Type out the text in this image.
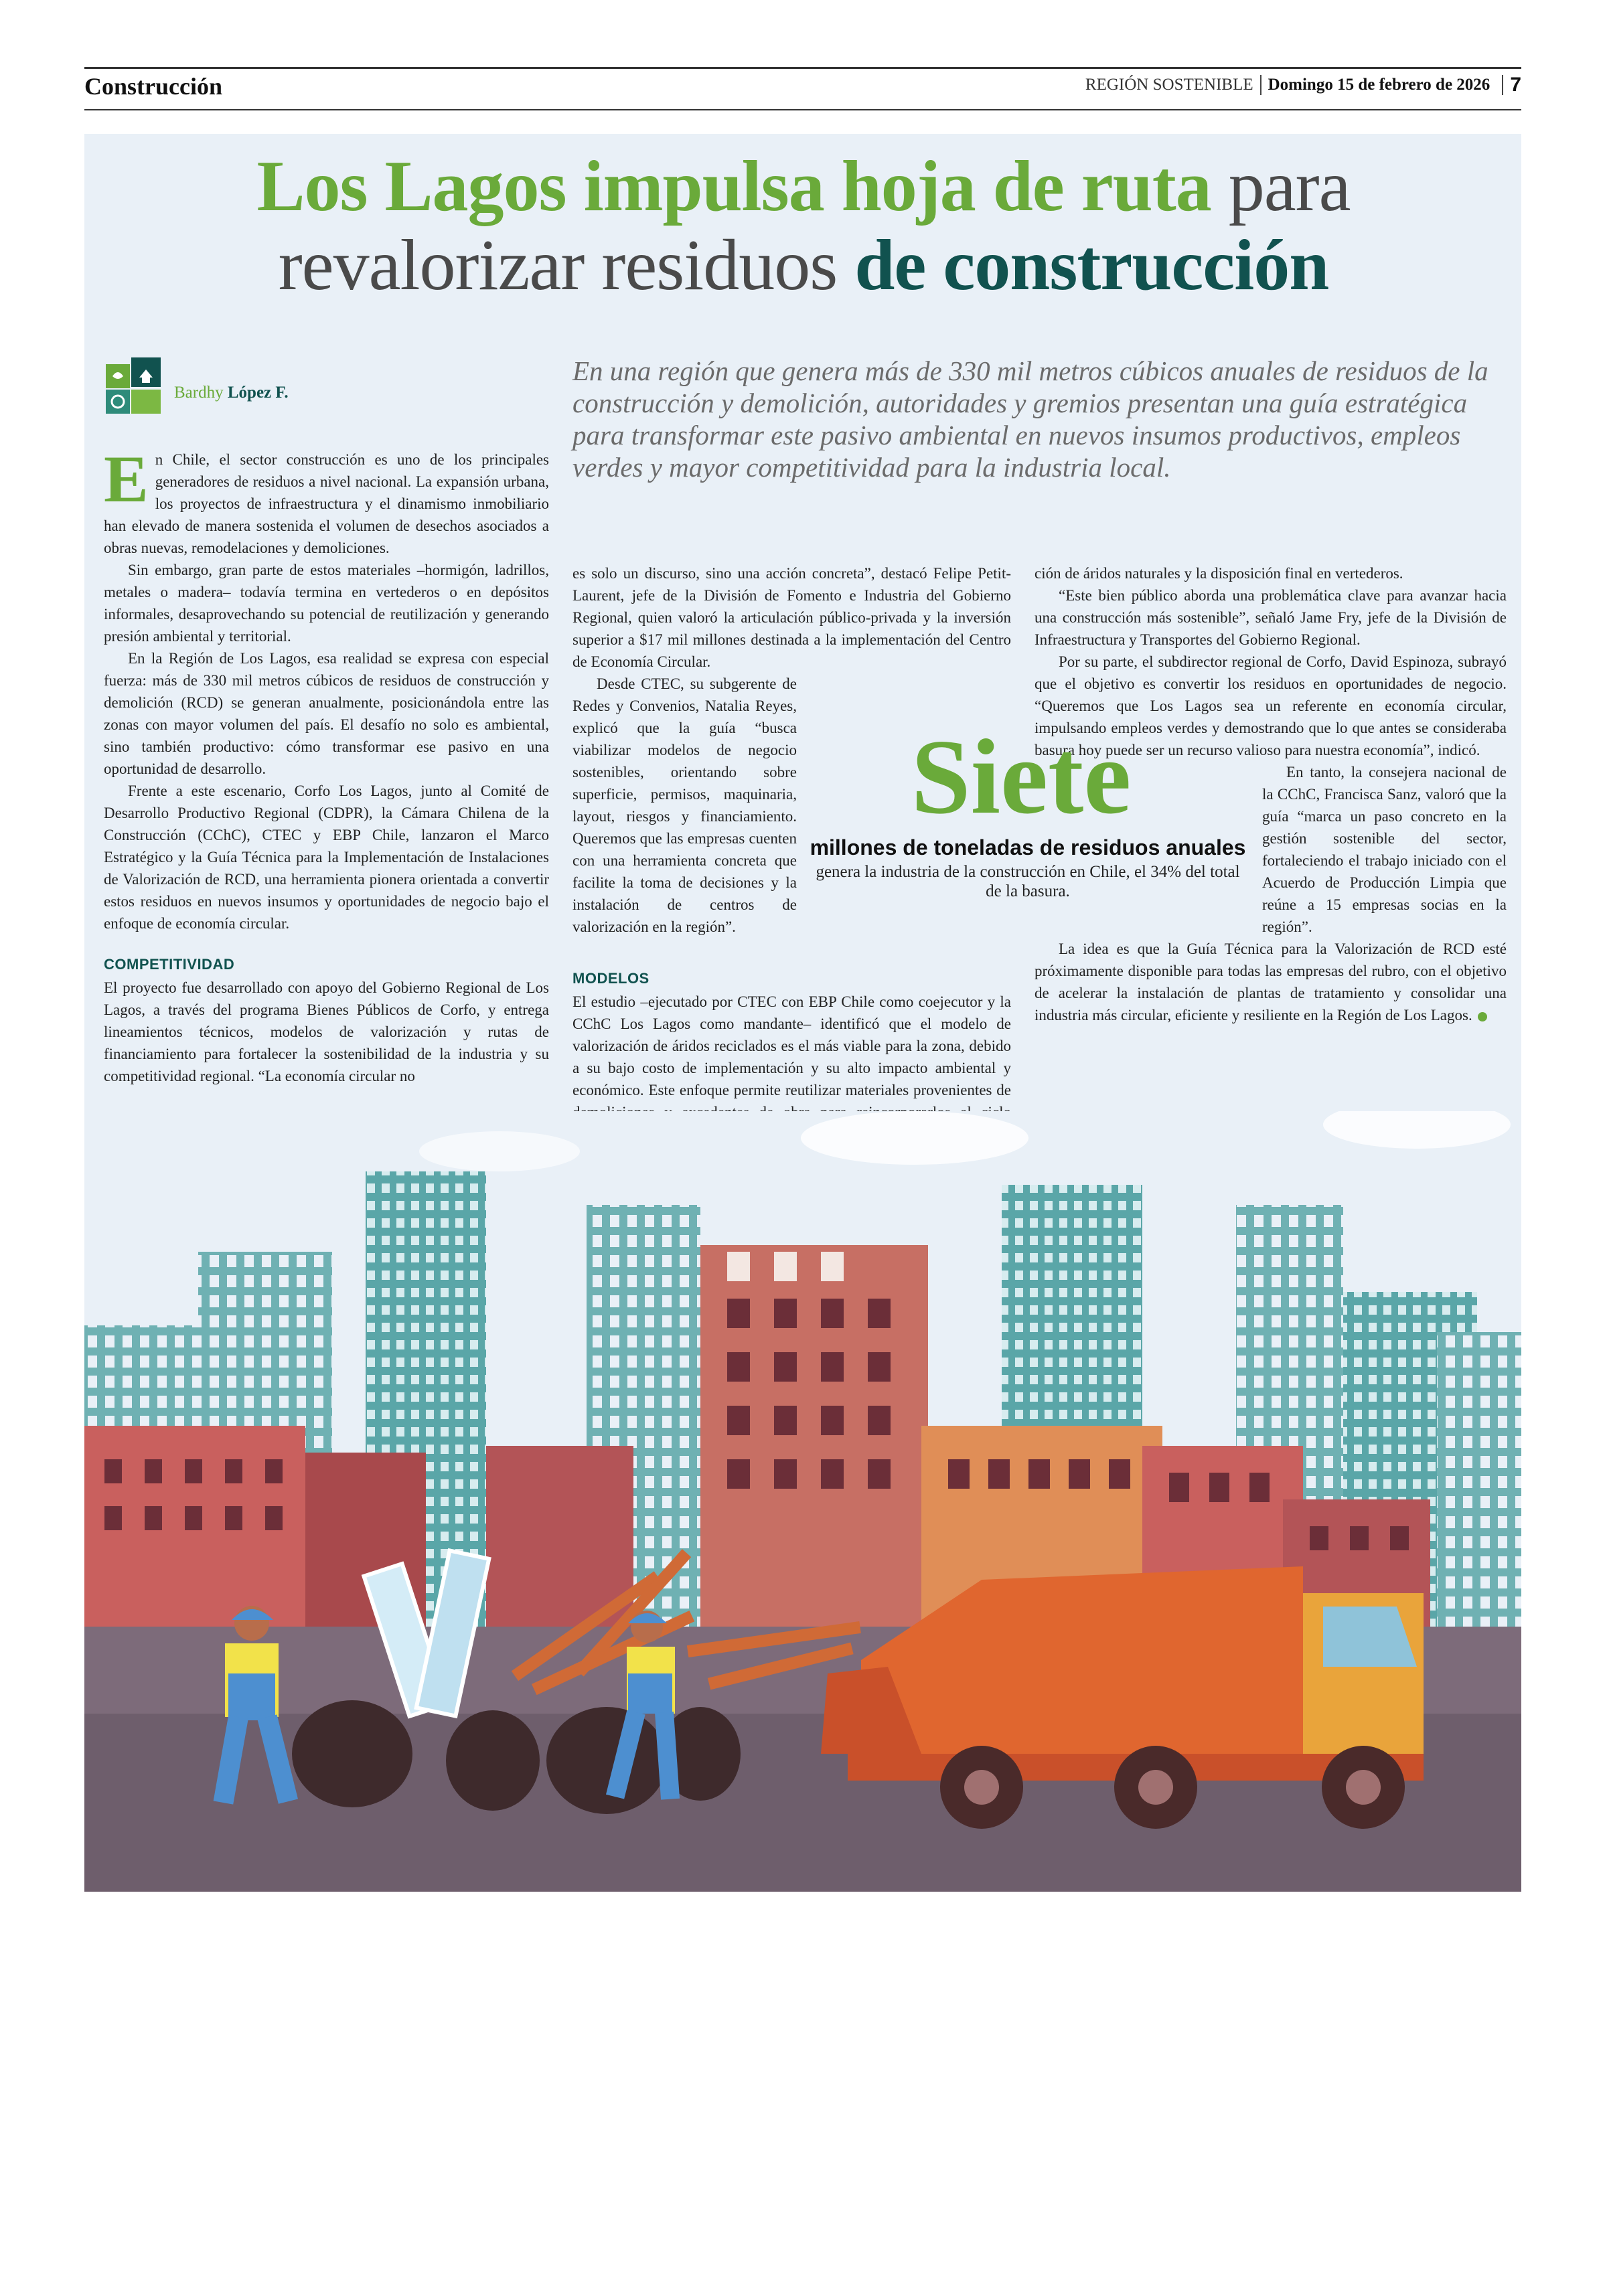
Construcción	REGIÓN SOSTENIBLE Domingo 15 de febrero de 2026 7
Los Lagos impulsa hoja de ruta para
revalorizar residuos de construcción
Bardhy López F.
En una región que genera más de 330 mil metros cúbicos anuales de residuos de la construcción y demolición, autoridades y gremios presentan una guía estratégica para transformar este pasivo ambiental en nuevos insumos productivos, empleos verdes y mayor competitividad para la industria local.

En Chile, el sector construcción es uno de los principales generadores de residuos a nivel nacional. La expansión urbana, los proyectos de infraestructura y el dinamismo inmobiliario han elevado de manera sostenida el volumen de desechos asociados a obras nuevas, remodelaciones y demoliciones.

Sin embargo, gran parte de estos materiales –hormigón, ladrillos, metales o madera– todavía termina en vertederos o en depósitos informales, desaprovechando su potencial de reutilización y generando presión ambiental y territorial.

En la Región de Los Lagos, esa realidad se expresa con especial fuerza: más de 330 mil metros cúbicos de residuos de construcción y demolición (RCD) se generan anualmente, posicionándola entre las zonas con mayor volumen del país. El desafío no solo es ambiental, sino también productivo: cómo transformar ese pasivo en una oportunidad de desarrollo.

Frente a este escenario, Corfo Los Lagos, junto al Comité de Desarrollo Productivo Regional (CDPR), la Cámara Chilena de la Construcción (CChC), CTEC y EBP Chile, lanzaron el Marco Estratégico y la Guía Técnica para la Implementación de Instalaciones de Valorización de RCD, una herramienta pionera orientada a convertir estos residuos en nuevos insumos y oportunidades de negocio bajo el enfoque de economía circular.

COMPETITIVIDAD

El proyecto fue desarrollado con apoyo del Gobierno Regional de Los Lagos, a través del programa Bienes Públicos de Corfo, y entrega lineamientos técnicos, modelos de valorización y rutas de financiamiento para fortalecer la sostenibilidad de la industria y su competitividad regional. “La economía circular no

es solo un discurso, sino una acción concreta”, destacó Felipe Petit-Laurent, jefe de la División de Fomento e Industria del Gobierno Regional, quien valoró la articulación público-privada y la inversión superior a $17 mil millones destinada a la implementación del Centro de Economía Circular.

Desde CTEC, su subgerente de Redes y Convenios, Natalia Reyes, explicó que la guía “busca viabilizar modelos de negocio sostenibles, orientando sobre superficie, permisos, maquinaria, layout, riesgos y financiamiento. Queremos que las empresas cuenten con una herramienta concreta que facilite la toma de decisiones y la instalación de centros de valorización en la región”.

MODELOS

El estudio –ejecutado por CTEC con EBP Chile como coejecutor y la CChC Los Lagos como mandante– identificó que el modelo de valorización de áridos reciclados es el más viable para la zona, debido a su bajo costo de implementación y su alto impacto ambiental y económico. Este enfoque permite reutilizar materiales provenientes de

ción de áridos naturales y la disposición final en vertederos.

“Este bien público aborda una problemática clave para avanzar hacia una construcción más sostenible”, señaló Jame Fry, jefe de la División de Infraestructura y Transportes del Gobierno Regional.

Por su parte, el subdirector regional de Corfo, David Espinoza, subrayó que el objetivo es convertir los residuos en oportunidades de negocio. “Queremos que Los Lagos sea un referente en economía circular, impulsando empleos verdes y demostrando que lo que antes se consideraba basura hoy puede ser un recurso valioso para nuestra economía”, indicó.

En tanto, la consejera nacional de la CChC, Francisca Sanz, valoró que la guía “marca un paso concreto en la gestión sostenible del sector, fortaleciendo el trabajo iniciado con el Acuerdo de Producción Limpia que reúne a 15 empresas socias en la región”.

La idea es que la Guía Técnica para la Valorización de RCD esté próximamente disponible para todas las empresas del rubro, con el objetivo de acelerar la instalación de plantas de tratamiento y consolidar una industria más circular, eficiente y resiliente en la Región de Los Lagos.

Siete
millones de toneladas de residuos anuales
genera la industria de la construcción en Chile, el 34% del total de la basura.
